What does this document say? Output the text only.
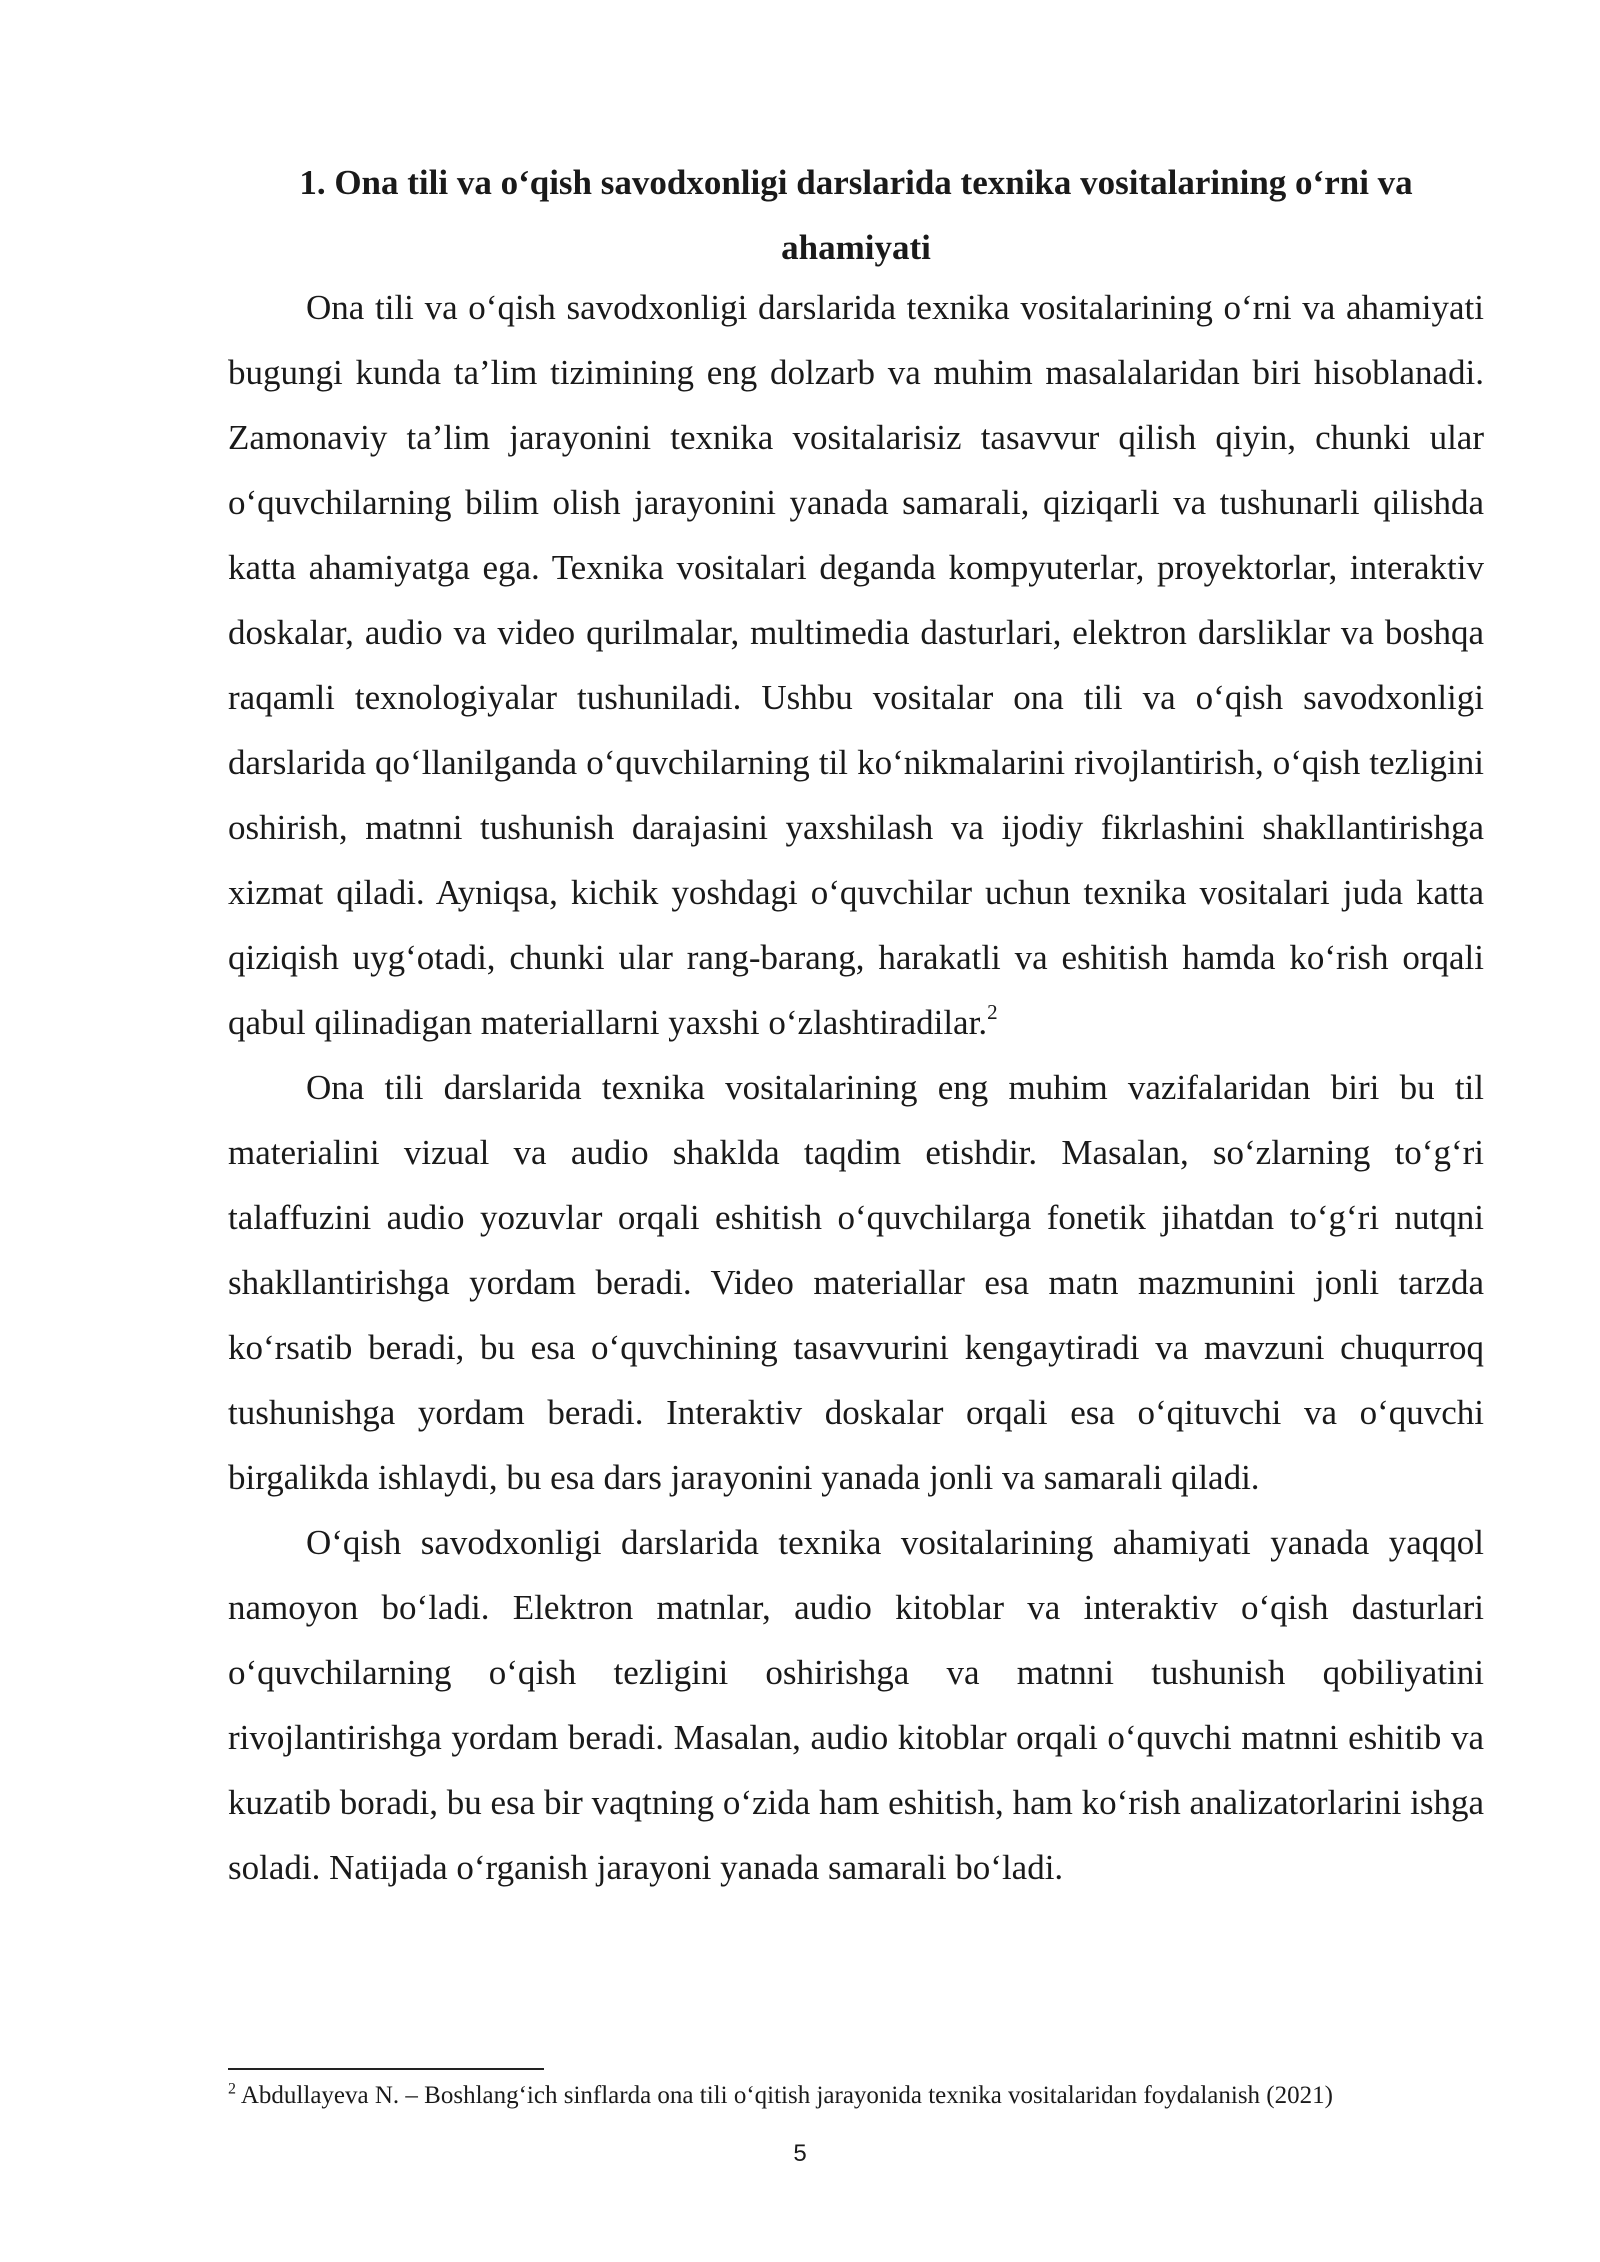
1. Ona tili va o‘qish savodxonligi darslarida texnika vositalarining o‘rni va
ahamiyati

Ona tili va o‘qish savodxonligi darslarida texnika vositalarining o‘rni va ahamiyati bugungi kunda ta’lim tizimining eng dolzarb va muhim masalalaridan biri hisoblanadi. Zamonaviy ta’lim jarayonini texnika vositalarisiz tasavvur qilish qiyin, chunki ular o‘quvchilarning bilim olish jarayonini yanada samarali, qiziqarli va tushunarli qilishda katta ahamiyatga ega. Texnika vositalari deganda kompyuterlar, proyektorlar, interaktiv doskalar, audio va video qurilmalar, multimedia dasturlari, elektron darsliklar va boshqa raqamli texnologiyalar tushuniladi. Ushbu vositalar ona tili va o‘qish savodxonligi darslarida qo‘llanilganda o‘quvchilarning til ko‘nikmalarini rivojlantirish, o‘qish tezligini oshirish, matnni tushunish darajasini yaxshilash va ijodiy fikrlashini shakllantirishga xizmat qiladi. Ayniqsa, kichik yoshdagi o‘quvchilar uchun texnika vositalari juda katta qiziqish uyg‘otadi, chunki ular rang-barang, harakatli va eshitish hamda ko‘rish orqali qabul qilinadigan materiallarni yaxshi o‘zlashtiradilar.$^2$

Ona tili darslarida texnika vositalarining eng muhim vazifalaridan biri bu til materialini vizual va audio shaklda taqdim etishdir. Masalan, so‘zlarning to‘g‘ri talaffuzini audio yozuvlar orqali eshitish o‘quvchilarga fonetik jihatdan to‘g‘ri nutqni shakllantirishga yordam beradi. Video materiallar esa matn mazmunini jonli tarzda ko‘rsatib beradi, bu esa o‘quvchining tasavvurini kengaytiradi va mavzuni chuqurroq tushunishga yordam beradi. Interaktiv doskalar orqali esa o‘qituvchi va o‘quvchi birgalikda ishlaydi, bu esa dars jarayonini yanada jonli va samarali qiladi.

O‘qish savodxonligi darslarida texnika vositalarining ahamiyati yanada yaqqol namoyon bo‘ladi. Elektron matnlar, audio kitoblar va interaktiv o‘qish dasturlari o‘quvchilarning o‘qish tezligini oshirishga va matnni tushunish qobiliyatini rivojlantirishga yordam beradi. Masalan, audio kitoblar orqali o‘quvchi matnni eshitib va kuzatib boradi, bu esa bir vaqtning o‘zida ham eshitish, ham ko‘rish analizatorlarini ishga soladi. Natijada o‘rganish jarayoni yanada samarali bo‘ladi.

$^2$ Abdullayeva N. – Boshlang‘ich sinflarda ona tili o‘qitish jarayonida texnika vositalaridan foydalanish (2021)

5
